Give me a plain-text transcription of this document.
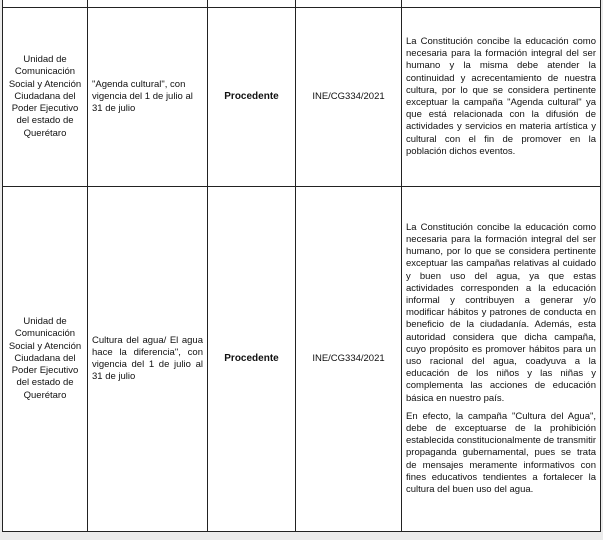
Unidad de Comunicación Social y Atención Ciudadana del Poder Ejecutivo del estado de Querétaro	"Agenda cultural", con vigencia del 1 de julio al 31 de julio	Procedente	INE/CG334/2021	La Constitución concibe la educación como necesaria para la formación integral del ser humano y la misma debe atender la continuidad y acrecentamiento de nuestra cultura, por lo que se considera pertinente exceptuar la campaña "Agenda cultural" ya que está relacionada con la difusión de actividades y servicios en materia artística y cultural con el fin de promover en la población dichos eventos.

Unidad de Comunicación Social y Atención Ciudadana del Poder Ejecutivo del estado de Querétaro	Cultura del agua/ El agua hace la diferencia", con vigencia del 1 de julio al 31 de julio	Procedente	INE/CG334/2021	La Constitución concibe la educación como necesaria para la formación integral del ser humano, por lo que se considera pertinente exceptuar las campañas relativas al cuidado y buen uso del agua, ya que estas actividades corresponden a la educación informal y contribuyen a generar y/o modificar hábitos y patrones de conducta en beneficio de la ciudadanía. Además, esta autoridad considera que dicha campaña, cuyo propósito es promover hábitos para un uso racional del agua, coadyuva a la educación de los niños y las niñas y complementa las acciones de educación básica en nuestro país.

En efecto, la campaña "Cultura del Agua", debe de exceptuarse de la prohibición establecida constitucionalmente de transmitir propaganda gubernamental, pues se trata de mensajes meramente informativos con fines educativos tendientes a fortalecer la cultura del buen uso del agua.
